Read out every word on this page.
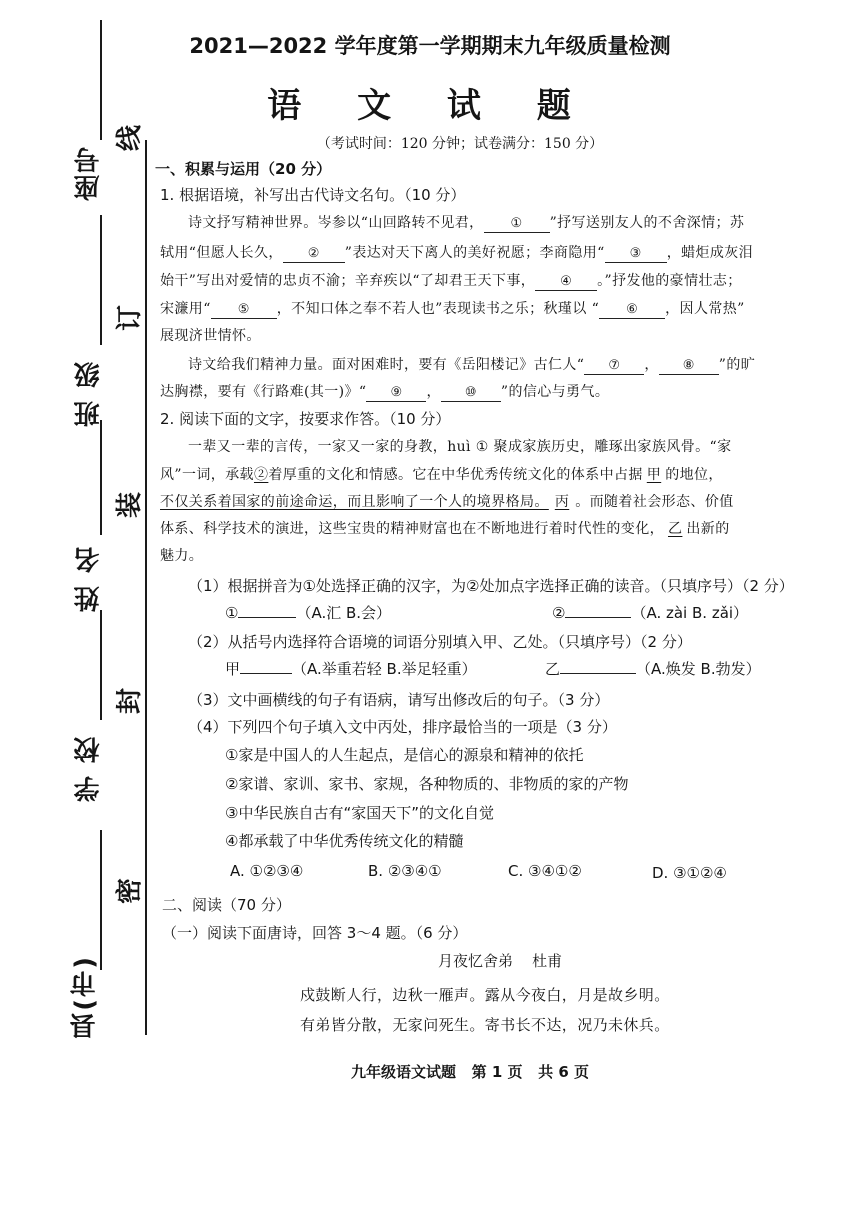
座号
班 级
姓 名
学 校
县(市)
线
订
装
封
密
2021—2022 学年度第一学期期末九年级质量检测
语 文 试 题
（考试时间：120 分钟；试卷满分：150 分）
一、积累与运用（20 分）
1. 根据语境，补写出古代诗文名句。（10 分）
诗文抒写精神世界。岑参以“山回路转不见君， ① ”抒写送别友人的不舍深情；苏
轼用“但愿人长久， ② ”表达对天下离人的美好祝愿；李商隐用“ ③ ，蜡炬成灰泪
始干”写出对爱情的忠贞不渝；辛弃疾以“了却君王天下事， ④ 。”抒发他的豪情壮志；
宋濂用“ ⑤ ，不知口体之奉不若人也”表现读书之乐；秋瑾以 “ ⑥ ，因人常热”
展现济世情怀。
诗文给我们精神力量。面对困难时，要有《岳阳楼记》古仁人“ ⑦ ， ⑧ ”的旷
达胸襟，要有《行路难(其一)》“ ⑨ ， ⑩ ”的信心与勇气。
2. 阅读下面的文字，按要求作答。（10 分）
一辈又一辈的言传，一家又一家的身教，huì ① 聚成家族历史，雕琢出家族风骨。“家
风”一词，承载②着厚重的文化和情感。它在中华优秀传统文化的体系中占据 甲 的地位，
不仅关系着国家的前途命运，而且影响了一个人的境界格局。 丙 。而随着社会形态、价值
体系、科学技术的演进，这些宝贵的精神财富也在不断地进行着时代性的变化， 乙 出新的
魅力。
（1）根据拼音为①处选择正确的汉字，为②处加点字选择正确的读音。（只填序号）（2 分）
①	（A.汇 B.会）	②	（A. zài B. zǎi）
（2）从括号内选择符合语境的词语分别填入甲、乙处。（只填序号）（2 分）
甲	（A.举重若轻 B.举足轻重）	乙	（A.焕发 B.勃发）
（3）文中画横线的句子有语病，请写出修改后的句子。（3 分）
（4）下列四个句子填入文中丙处，排序最恰当的一项是（3 分）
①家是中国人的人生起点，是信心的源泉和精神的依托
②家谱、家训、家书、家规，各种物质的、非物质的家的产物
③中华民族自古有“家国天下”的文化自觉
④都承载了中华优秀传统文化的精髓
A. ①②③④	B. ②③④①	C. ③④①②	D. ③①②④
二、阅读（70 分）
（一）阅读下面唐诗，回答 3～4 题。（6 分）
月夜忆舍弟    杜甫
戍鼓断人行，边秋一雁声。露从今夜白，月是故乡明。
有弟皆分散，无家问死生。寄书长不达，况乃未休兵。
九年级语文试题   第 1 页   共 6 页
